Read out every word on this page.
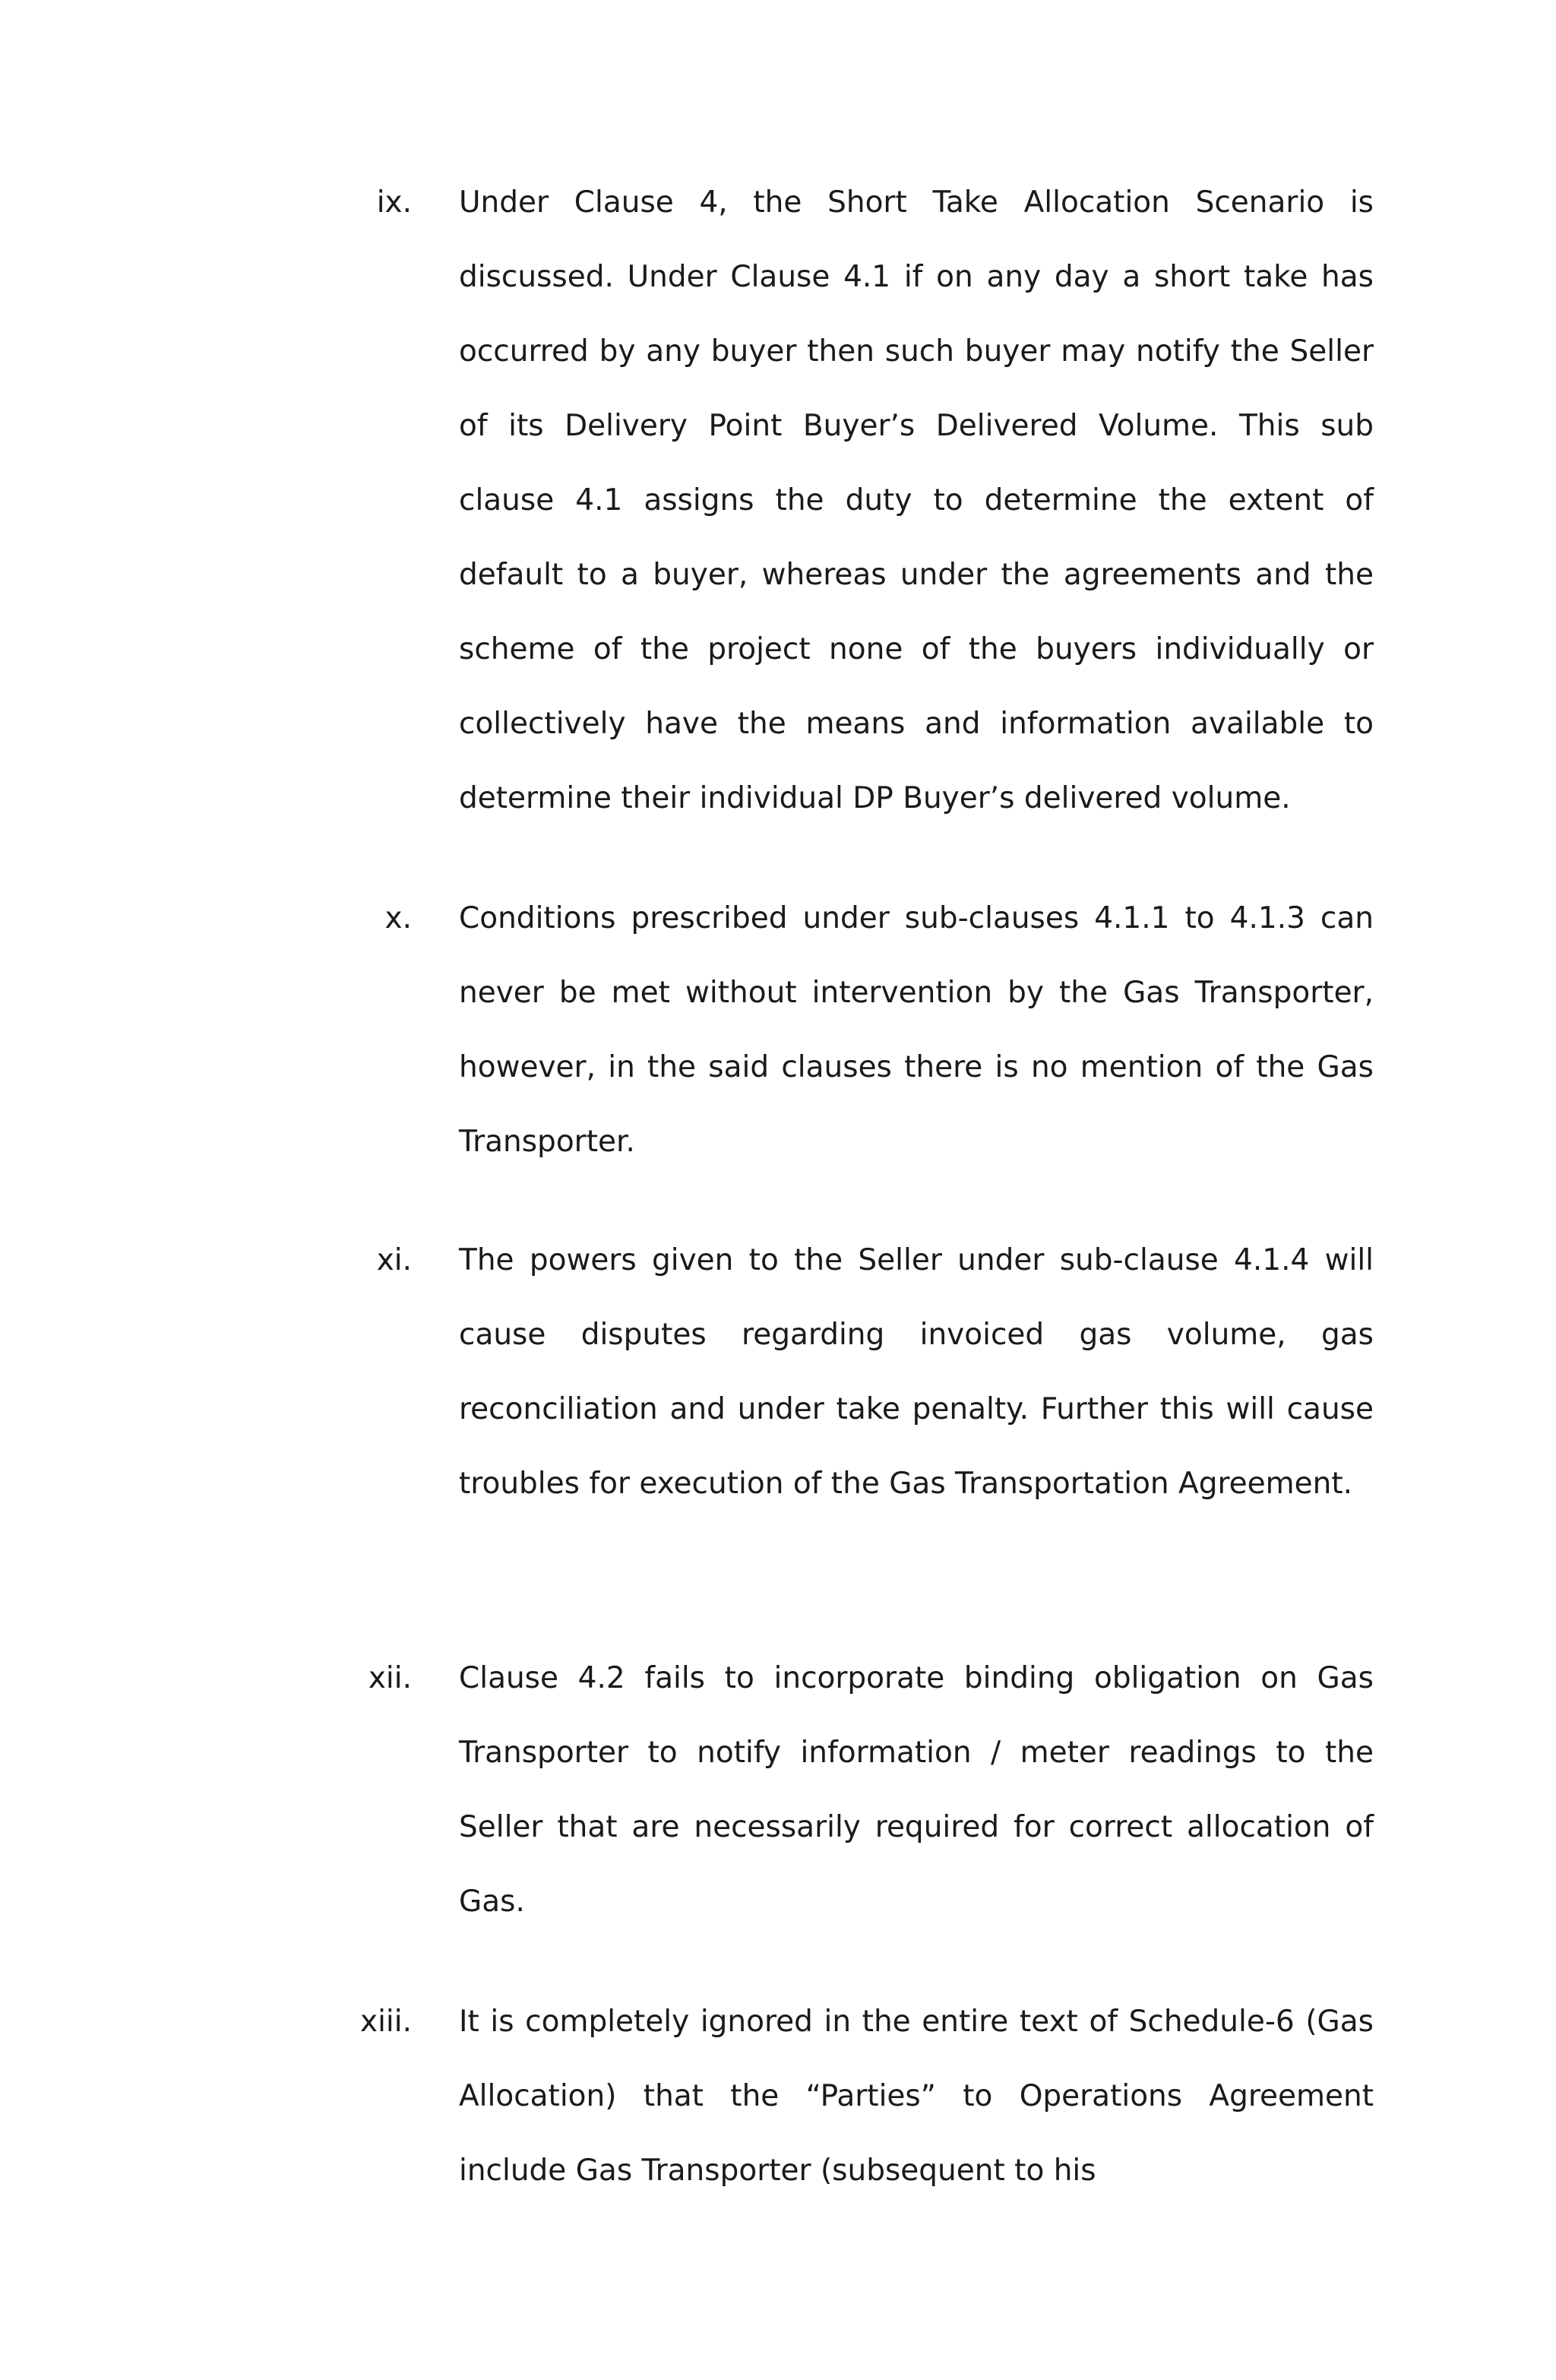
ix. Under Clause 4, the Short Take Allocation Scenario is discussed. Under Clause 4.1 if on any day a short take has occurred by any buyer then such buyer may notify the Seller of its Delivery Point Buyer’s Delivered Volume. This sub clause 4.1 assigns the duty to determine the extent of default to a buyer, whereas under the agreements and the scheme of the project none of the buyers individually or collectively have the means and information available to determine their individual DP Buyer’s delivered volume.

x. Conditions prescribed under sub-clauses 4.1.1 to 4.1.3 can never be met without intervention by the Gas Transporter, however, in the said clauses there is no mention of the Gas Transporter.

xi. The powers given to the Seller under sub-clause 4.1.4 will cause disputes regarding invoiced gas volume, gas reconciliation and under take penalty. Further this will cause troubles for execution of the Gas Transportation Agreement.

xii. Clause 4.2 fails to incorporate binding obligation on Gas Transporter to notify information / meter readings to the Seller that are necessarily required for correct allocation of Gas.

xiii. It is completely ignored in the entire text of Schedule-6 (Gas Allocation) that the “Parties” to Operations Agreement include Gas Transporter (subsequent to his
